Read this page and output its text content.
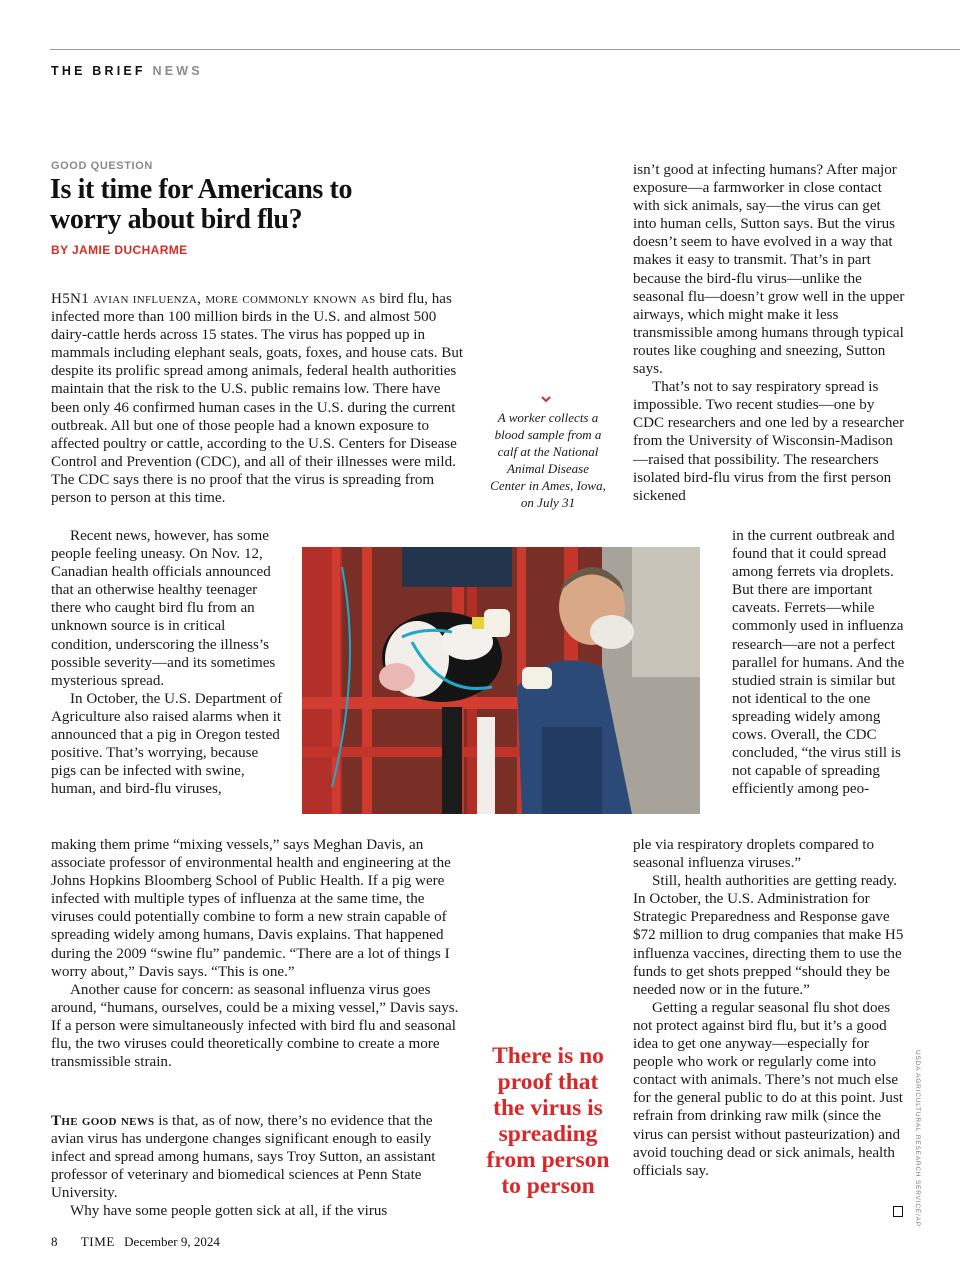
THE BRIEF NEWS
GOOD QUESTION
Is it time for Americans to worry about bird flu?
BY JAMIE DUCHARME

H5N1 avian influenza, more commonly known as bird flu, has infected more than 100 million birds in the U.S. and almost 500 dairy-cattle herds across 15 states. The virus has popped up in mammals including elephant seals, goats, foxes, and house cats. But despite its prolific spread among animals, federal health authorities maintain that the risk to the U.S. public remains low. There have been only 46 confirmed human cases in the U.S. during the current outbreak. All but one of those people had a known exposure to affected poultry or cattle, according to the U.S. Centers for Disease Control and Prevention (CDC), and all of their illnesses were mild. The CDC says there is no proof that the virus is spreading from person to person at this time.

Recent news, however, has some people feeling uneasy. On Nov. 12, Canadian health officials announced that an otherwise healthy teenager there who caught bird flu from an unknown source is in critical condition, underscoring the illness’s possible severity—and its sometimes mysterious spread.

In October, the U.S. Department of Agriculture also raised alarms when it announced that a pig in Oregon tested positive. That’s worrying, because pigs can be infected with swine, human, and bird-flu viruses,

making them prime “mixing vessels,” says Meghan Davis, an associate professor of environmental health and engineering at the Johns Hopkins Bloomberg School of Public Health. If a pig were infected with multiple types of influenza at the same time, the viruses could potentially combine to form a new strain capable of spreading widely among humans, Davis explains. That happened during the 2009 “swine flu” pandemic. “There are a lot of things I worry about,” Davis says. “This is one.”

Another cause for concern: as seasonal influenza virus goes around, “humans, ourselves, could be a mixing vessel,” Davis says. If a person were simultaneously infected with bird flu and seasonal flu, the two viruses could theoretically combine to create a more transmissible strain.

The good news is that, as of now, there’s no evidence that the avian virus has undergone changes significant enough to easily infect and spread among humans, says Troy Sutton, an assistant professor of veterinary and biomedical sciences at Penn State University.

Why have some people gotten sick at all, if the virus

A worker collects a blood sample from a calf at the National Animal Disease Center in Ames, Iowa, on July 31
There is no proof that the virus is spreading from person to person

isn’t good at infecting humans? After major exposure—a farmworker in close contact with sick animals, say—the virus can get into human cells, Sutton says. But the virus doesn’t seem to have evolved in a way that makes it easy to transmit. That’s in part because the bird-flu virus—unlike the seasonal flu—doesn’t grow well in the upper airways, which might make it less transmissible among humans through typical routes like coughing and sneezing, Sutton says.

That’s not to say respiratory spread is impossible. Two recent studies—one by CDC researchers and one led by a researcher from the University of Wisconsin-Madison—raised that possibility. The researchers isolated bird-flu virus from the first person sickened

in the current outbreak and found that it could spread among ferrets via droplets. But there are important caveats. Ferrets—while commonly used in influenza research—are not a perfect parallel for humans. And the studied strain is similar but not identical to the one spreading widely among cows. Overall, the CDC concluded, “the virus still is not capable of spreading efficiently among peo-

ple via respiratory droplets compared to seasonal influenza viruses.”

Still, health authorities are getting ready. In October, the U.S. Administration for Strategic Preparedness and Response gave $72 million to drug companies that make H5 influenza vaccines, directing them to use the funds to get shots prepped “should they be needed now or in the future.”

Getting a regular seasonal flu shot does not protect against bird flu, but it’s a good idea to get one anyway—especially for people who work or regularly come into contact with animals. There’s not much else for the general public to do at this point. Just refrain from drinking raw milk (since the virus can persist without pasteurization) and avoid touching dead or sick animals, health officials say.	USDA AGRICULTURAL RESEARCH SERVICE/AP
8 TIME December 9, 2024
